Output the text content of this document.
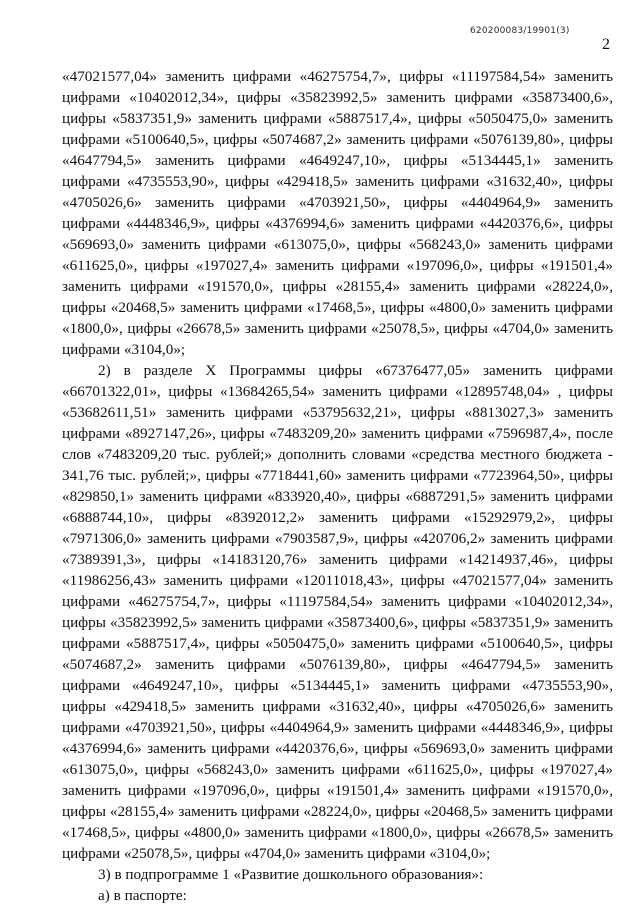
620200083/19901(3)
2

«47021577,04» заменить цифрами «46275754,7», цифры «11197584,54» заменить цифрами «10402012,34», цифры «35823992,5» заменить цифрами «35873400,6», цифры «5837351,9» заменить цифрами «5887517,4», цифры «5050475,0» заменить цифрами «5100640,5», цифры «5074687,2» заменить цифрами «5076139,80», цифры «4647794,5» заменить цифрами «4649247,10», цифры «5134445,1» заменить цифрами «4735553,90», цифры «429418,5» заменить цифрами «31632,40», цифры «4705026,6» заменить цифрами «4703921,50», цифры «4404964,9» заменить цифрами «4448346,9», цифры «4376994,6» заменить цифрами «4420376,6», цифры «569693,0» заменить цифрами «613075,0», цифры «568243,0» заменить цифрами «611625,0», цифры «197027,4» заменить цифрами «197096,0», цифры «191501,4» заменить цифрами «191570,0», цифры «28155,4» заменить цифрами «28224,0», цифры «20468,5» заменить цифрами «17468,5», цифры «4800,0» заменить цифрами «1800,0», цифры «26678,5» заменить цифрами «25078,5», цифры «4704,0» заменить цифрами «3104,0»;

2) в разделе X Программы цифры «67376477,05» заменить цифрами «66701322,01», цифры «13684265,54» заменить цифрами «12895748,04» , цифры «53682611,51» заменить цифрами «53795632,21», цифры «8813027,3» заменить цифрами «8927147,26», цифры «7483209,20» заменить цифрами «7596987,4», после слов «7483209,20 тыс. рублей;» дополнить словами «средства местного бюджета - 341,76 тыс. рублей;», цифры «7718441,60» заменить цифрами «7723964,50», цифры «829850,1» заменить цифрами «833920,40», цифры «6887291,5» заменить цифрами «6888744,10», цифры «8392012,2» заменить цифрами «15292979,2», цифры «7971306,0» заменить цифрами «7903587,9», цифры «420706,2» заменить цифрами «7389391,3», цифры «14183120,76» заменить цифрами «14214937,46», цифры «11986256,43» заменить цифрами «12011018,43», цифры «47021577,04» заменить цифрами «46275754,7», цифры «11197584,54» заменить цифрами «10402012,34», цифры «35823992,5» заменить цифрами «35873400,6», цифры «5837351,9» заменить цифрами «5887517,4», цифры «5050475,0» заменить цифрами «5100640,5», цифры «5074687,2» заменить цифрами «5076139,80», цифры «4647794,5» заменить цифрами «4649247,10», цифры «5134445,1» заменить цифрами «4735553,90», цифры «429418,5» заменить цифрами «31632,40», цифры «4705026,6» заменить цифрами «4703921,50», цифры «4404964,9» заменить цифрами «4448346,9», цифры «4376994,6» заменить цифрами «4420376,6», цифры «569693,0» заменить цифрами «613075,0», цифры «568243,0» заменить цифрами «611625,0», цифры «197027,4» заменить цифрами «197096,0», цифры «191501,4» заменить цифрами «191570,0», цифры «28155,4» заменить цифрами «28224,0», цифры «20468,5» заменить цифрами «17468,5», цифры «4800,0» заменить цифрами «1800,0», цифры «26678,5» заменить цифрами «25078,5», цифры «4704,0» заменить цифрами «3104,0»;

3) в подпрограмме 1 «Развитие дошкольного образования»:

а) в паспорте:
